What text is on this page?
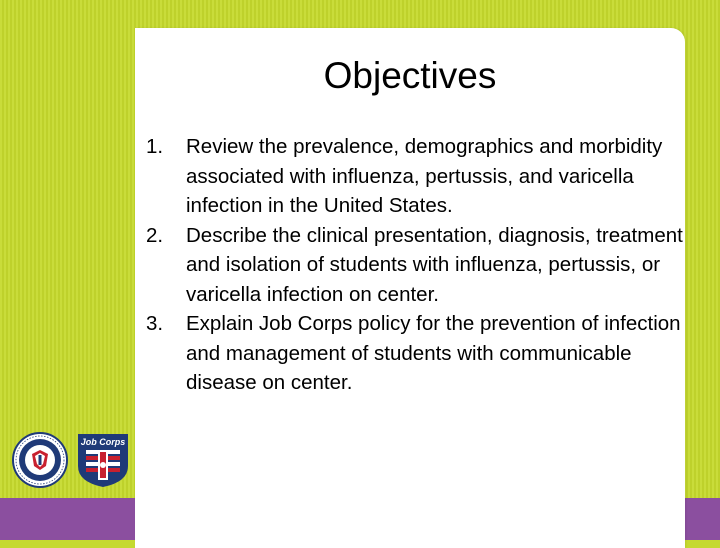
Job Corps
Objectives
1. Review the prevalence, demographics and morbidity associated with influenza, pertussis, and varicella infection in the United States.
2. Describe the clinical presentation, diagnosis, treatment and isolation of students with influenza, pertussis, or varicella infection on center.
3. Explain Job Corps policy for the prevention of infection and management of students with communicable disease on center.
